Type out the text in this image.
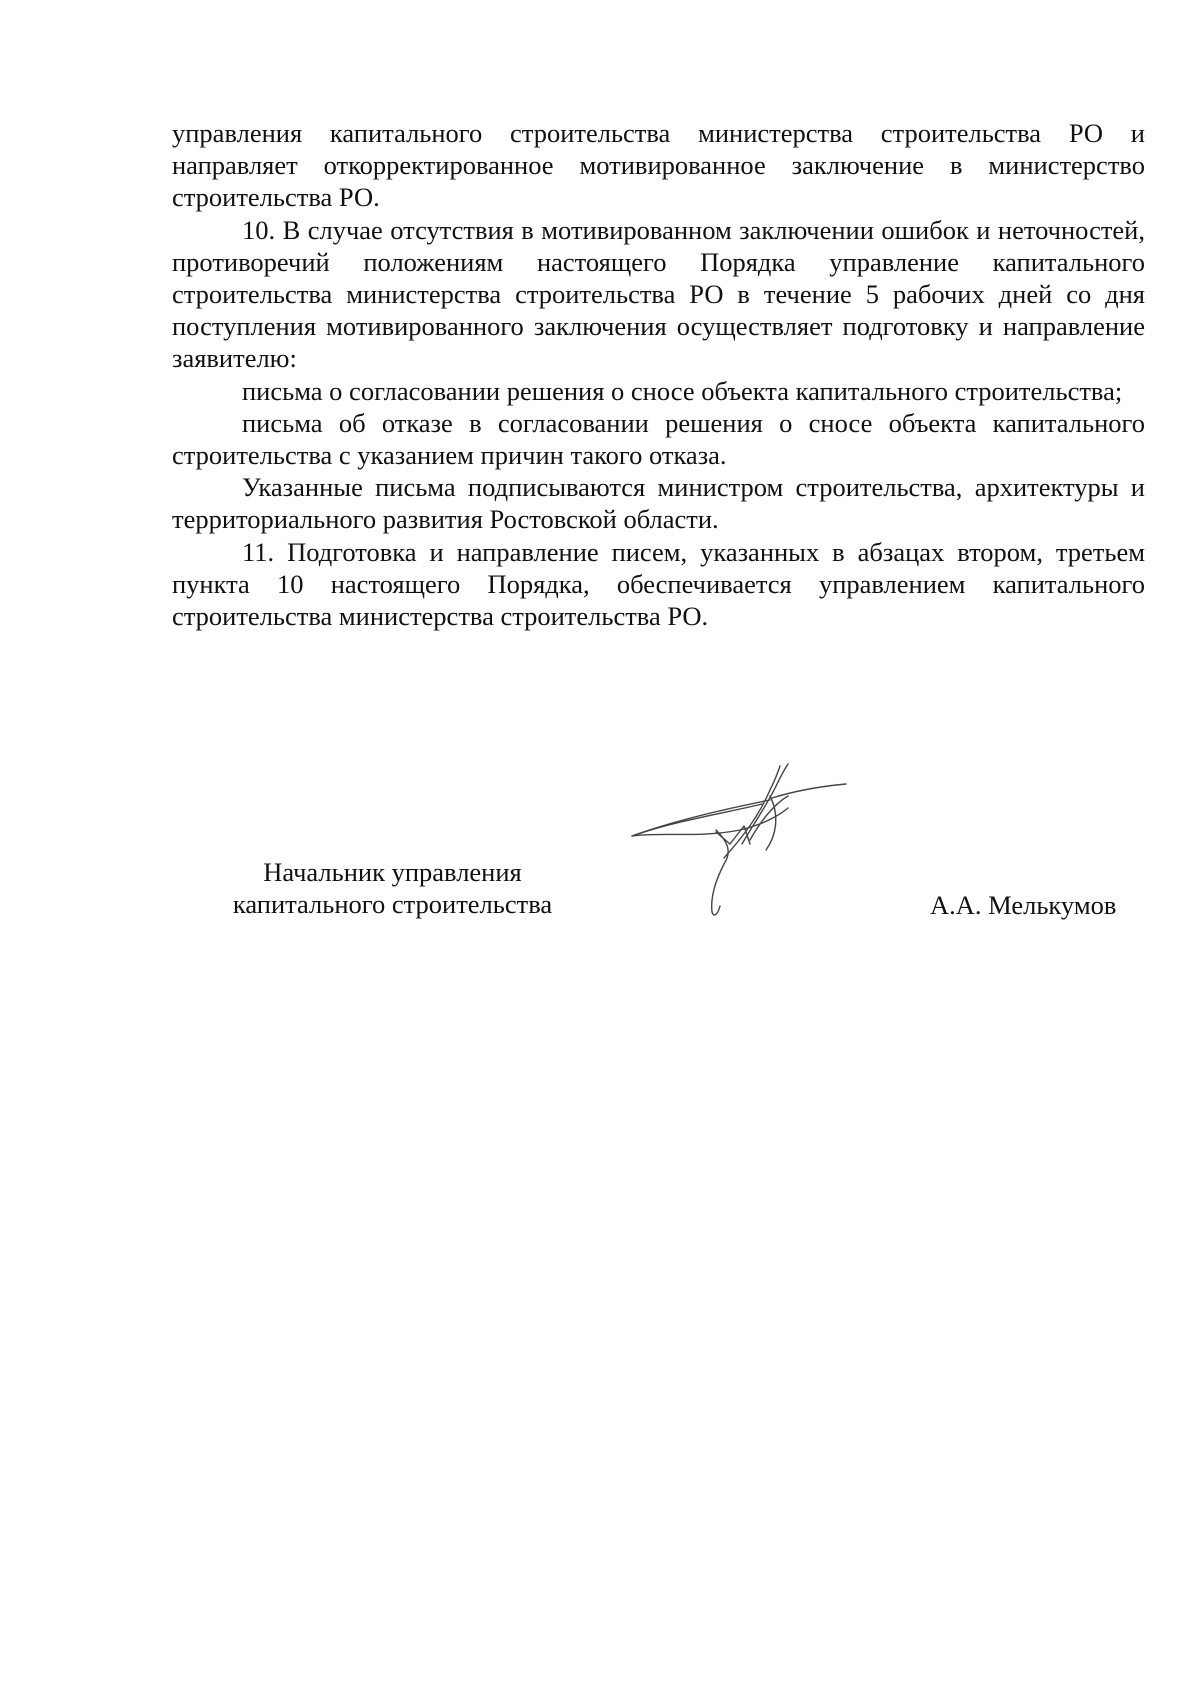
управления капитального строительства министерства строительства РО и направляет откорректированное мотивированное заключение в министерство строительства РО.

10. В случае отсутствия в мотивированном заключении ошибок и неточностей, противоречий положениям настоящего Порядка управление капитального строительства министерства строительства РО в течение 5 рабочих дней со дня поступления мотивированного заключения осуществляет подготовку и направление заявителю:

письма о согласовании решения о сносе объекта капитального строительства;

письма об отказе в согласовании решения о сносе объекта капитального строительства с указанием причин такого отказа.

Указанные письма подписываются министром строительства, архитектуры и территориального развития Ростовской области.

11. Подготовка и направление писем, указанных в абзацах втором, третьем пункта 10 настоящего Порядка, обеспечивается управлением капитального строительства министерства строительства РО.

Начальник управления
капитального строительства	А.А. Мелькумов
